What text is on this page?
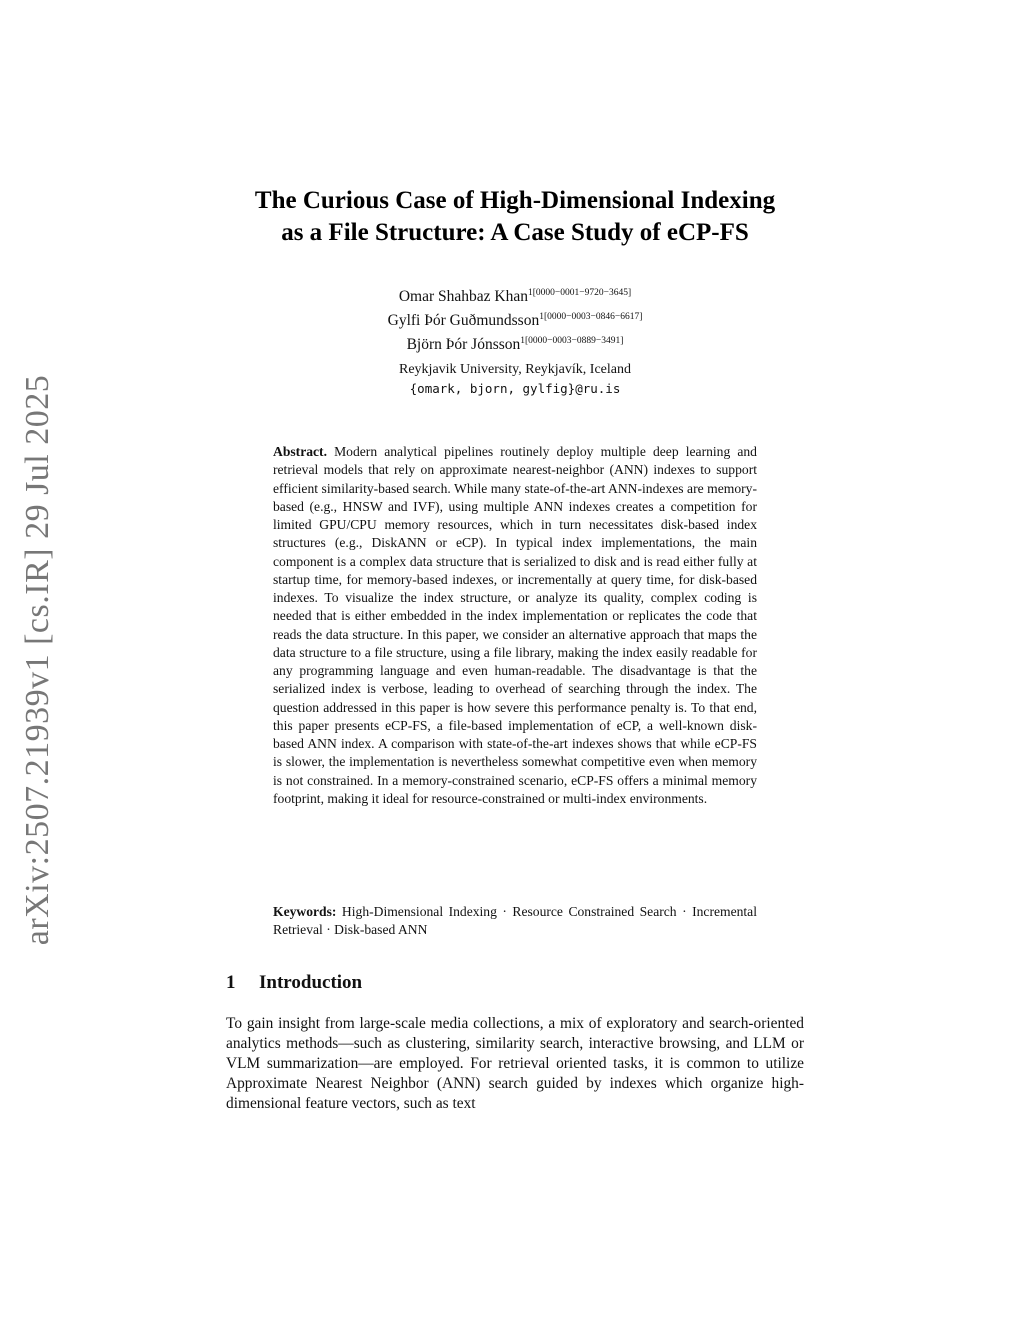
arXiv:2507.21939v1 [cs.IR] 29 Jul 2025
The Curious Case of High-Dimensional Indexing
as a File Structure: A Case Study of eCP-FS
Omar Shahbaz Khan$^{1[0000-0001-9720-3645]}$
Gylfi Þór Guðmundsson$^{1[0000-0003-0846-6617]}$
Björn Þór Jónsson$^{1[0000-0003-0889-3491]}$
Reykjavik University, Reykjavík, Iceland
{omark, bjorn, gylfig}@ru.is
Abstract. Modern analytical pipelines routinely deploy multiple deep learning and retrieval models that rely on approximate nearest-neighbor (ANN) indexes to support efficient similarity-based search. While many state-of-the-art ANN-indexes are memory-based (e.g., HNSW and IVF), using multiple ANN indexes creates a competition for limited GPU/CPU memory resources, which in turn necessitates disk-based index structures (e.g., DiskANN or eCP). In typical index implementations, the main component is a complex data structure that is serialized to disk and is read either fully at startup time, for memory-based indexes, or incrementally at query time, for disk-based indexes. To visualize the index structure, or analyze its quality, complex coding is needed that is either embedded in the index implementation or replicates the code that reads the data structure. In this paper, we consider an alternative approach that maps the data structure to a file structure, using a file library, making the index easily readable for any programming language and even human-readable. The disadvantage is that the serialized index is verbose, leading to overhead of searching through the index. The question addressed in this paper is how severe this performance penalty is. To that end, this paper presents eCP-FS, a file-based implementation of eCP, a well-known disk-based ANN index. A comparison with state-of-the-art indexes shows that while eCP-FS is slower, the implementation is nevertheless somewhat competitive even when memory is not constrained. In a memory-constrained scenario, eCP-FS offers a minimal memory footprint, making it ideal for resource-constrained or multi-index environments.
Keywords: High-Dimensional Indexing · Resource Constrained Search · Incremental Retrieval · Disk-based ANN
1 Introduction
To gain insight from large-scale media collections, a mix of exploratory and search-oriented analytics methods—such as clustering, similarity search, interactive browsing, and LLM or VLM summarization—are employed. For retrieval oriented tasks, it is common to utilize Approximate Nearest Neighbor (ANN) search guided by indexes which organize high-dimensional feature vectors, such as text
